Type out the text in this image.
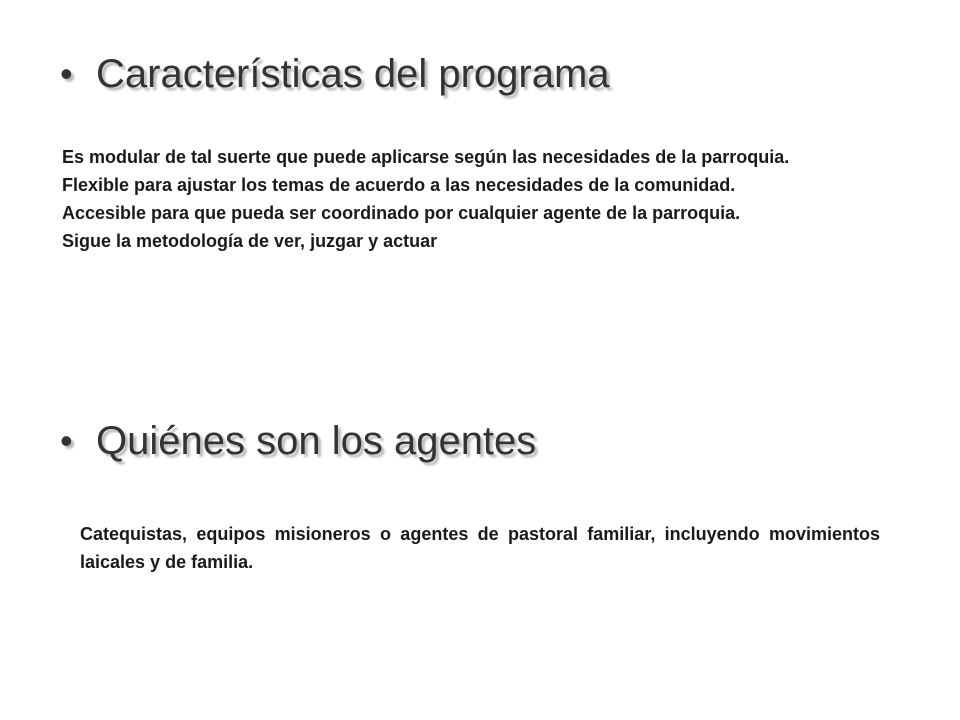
• Características del programa

Es modular de tal suerte que puede aplicarse según las necesidades de la parroquia.

Flexible para ajustar los temas de acuerdo a las necesidades de la comunidad.

Accesible para que pueda ser coordinado por cualquier agente de la parroquia.

Sigue la metodología de ver, juzgar y actuar

• Quiénes son los agentes

Catequistas, equipos misioneros o agentes de pastoral familiar, incluyendo movimientos laicales y de familia.
